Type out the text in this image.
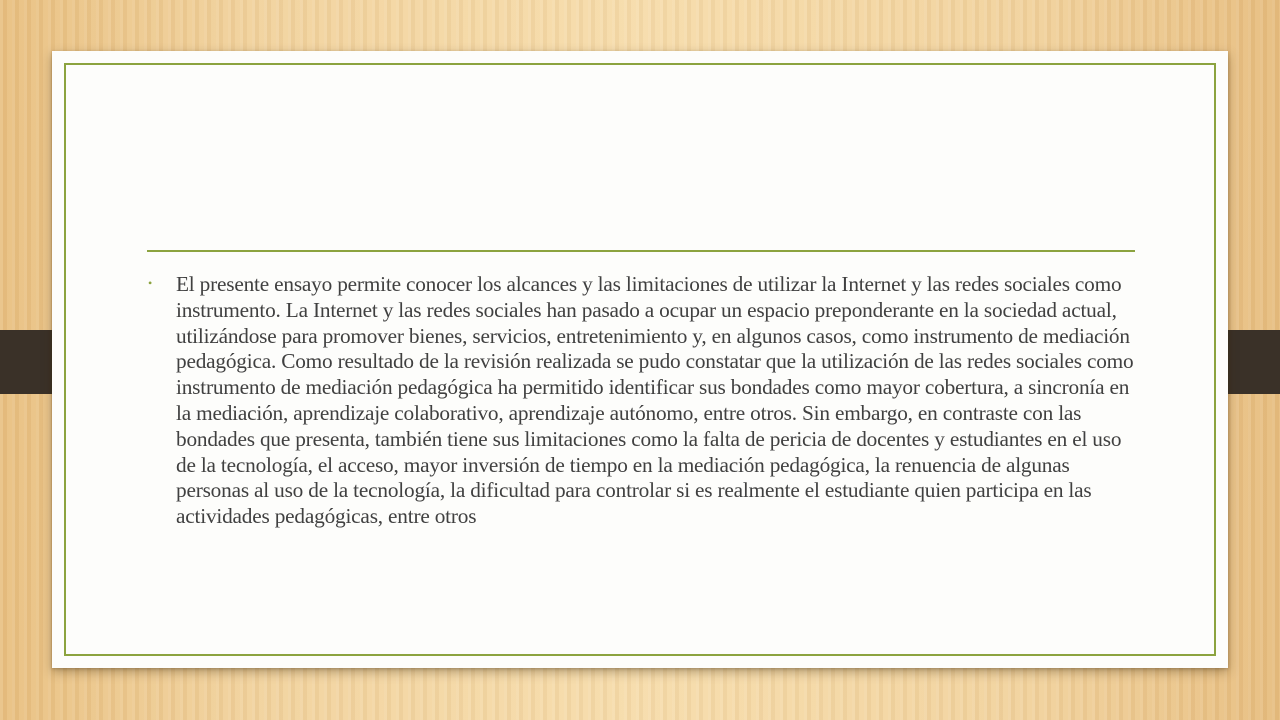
• El presente ensayo permite conocer los alcances y las limitaciones de utilizar la Internet y las redes sociales como instrumento. La Internet y las redes sociales han pasado a ocupar un espacio preponderante en la sociedad actual, utilizándose para promover bienes, servicios, entretenimiento y, en algunos casos, como instrumento de mediación pedagógica. Como resultado de la revisión realizada se pudo constatar que la utilización de las redes sociales como instrumento de mediación pedagógica ha permitido identificar sus bondades como mayor cobertura, a sincronía en la mediación, aprendizaje colaborativo, aprendizaje autónomo, entre otros. Sin embargo, en contraste con las bondades que presenta, también tiene sus limitaciones como la falta de pericia de docentes y estudiantes en el uso de la tecnología, el acceso, mayor inversión de tiempo en la mediación pedagógica, la renuencia de algunas personas al uso de la tecnología, la dificultad para controlar si es realmente el estudiante quien participa en las actividades pedagógicas, entre otros
